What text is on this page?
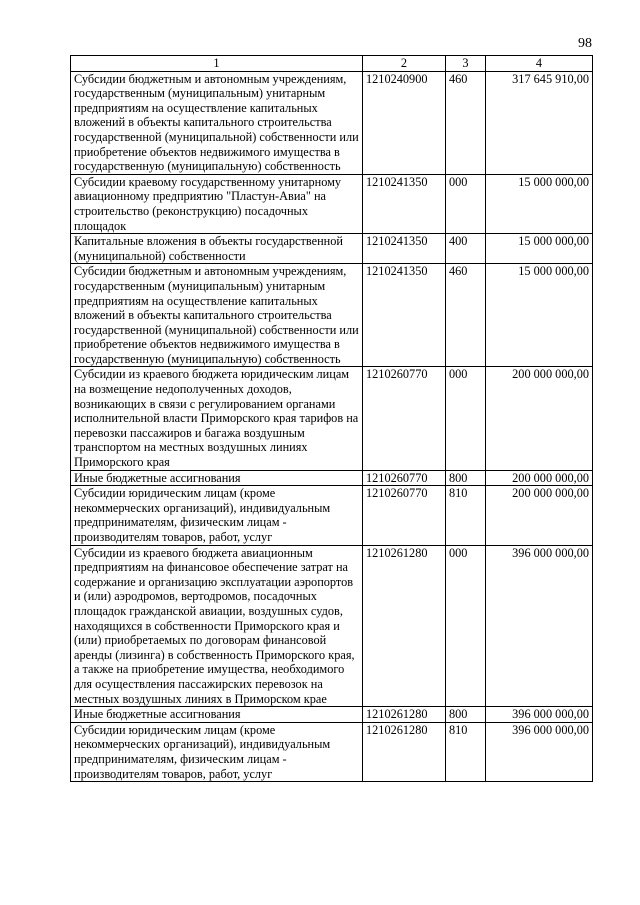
98
1	2	3	4
Субсидии бюджетным и автономным учреждениям, государственным (муниципальным) унитарным предприятиям на осуществление капитальных вложений в объекты капитального строительства государственной (муниципальной) собственности или приобретение объектов недвижимого имущества в государственную (муниципальную) собственность	1210240900	460	317 645 910,00
Субсидии краевому государственному унитарному авиационному предприятию "Пластун-Авиа" на строительство (реконструкцию) посадочных площадок	1210241350	000	15 000 000,00
Капитальные вложения в объекты государственной (муниципальной) собственности	1210241350	400	15 000 000,00
Субсидии бюджетным и автономным учреждениям, государственным (муниципальным) унитарным предприятиям на осуществление капитальных вложений в объекты капитального строительства государственной (муниципальной) собственности или приобретение объектов недвижимого имущества в государственную (муниципальную) собственность	1210241350	460	15 000 000,00
Субсидии из краевого бюджета юридическим лицам на возмещение недополученных доходов, возникающих в связи с регулированием органами исполнительной власти Приморского края тарифов на перевозки пассажиров и багажа воздушным транспортом на местных воздушных линиях Приморского края	1210260770	000	200 000 000,00
Иные бюджетные ассигнования	1210260770	800	200 000 000,00
Субсидии юридическим лицам (кроме некоммерческих организаций), индивидуальным предпринимателям, физическим лицам - производителям товаров, работ, услуг	1210260770	810	200 000 000,00
Субсидии из краевого бюджета авиационным предприятиям на финансовое обеспечение затрат на содержание и организацию эксплуатации аэропортов и (или) аэродромов, вертодромов, посадочных площадок гражданской авиации, воздушных судов, находящихся в собственности Приморского края и (или) приобретаемых по договорам финансовой аренды (лизинга) в собственность Приморского края, а также на приобретение имущества, необходимого для осуществления пассажирских перевозок на местных воздушных линиях в Приморском крае	1210261280	000	396 000 000,00
Иные бюджетные ассигнования	1210261280	800	396 000 000,00
Субсидии юридическим лицам (кроме некоммерческих организаций), индивидуальным предпринимателям, физическим лицам - производителям товаров, работ, услуг	1210261280	810	396 000 000,00
